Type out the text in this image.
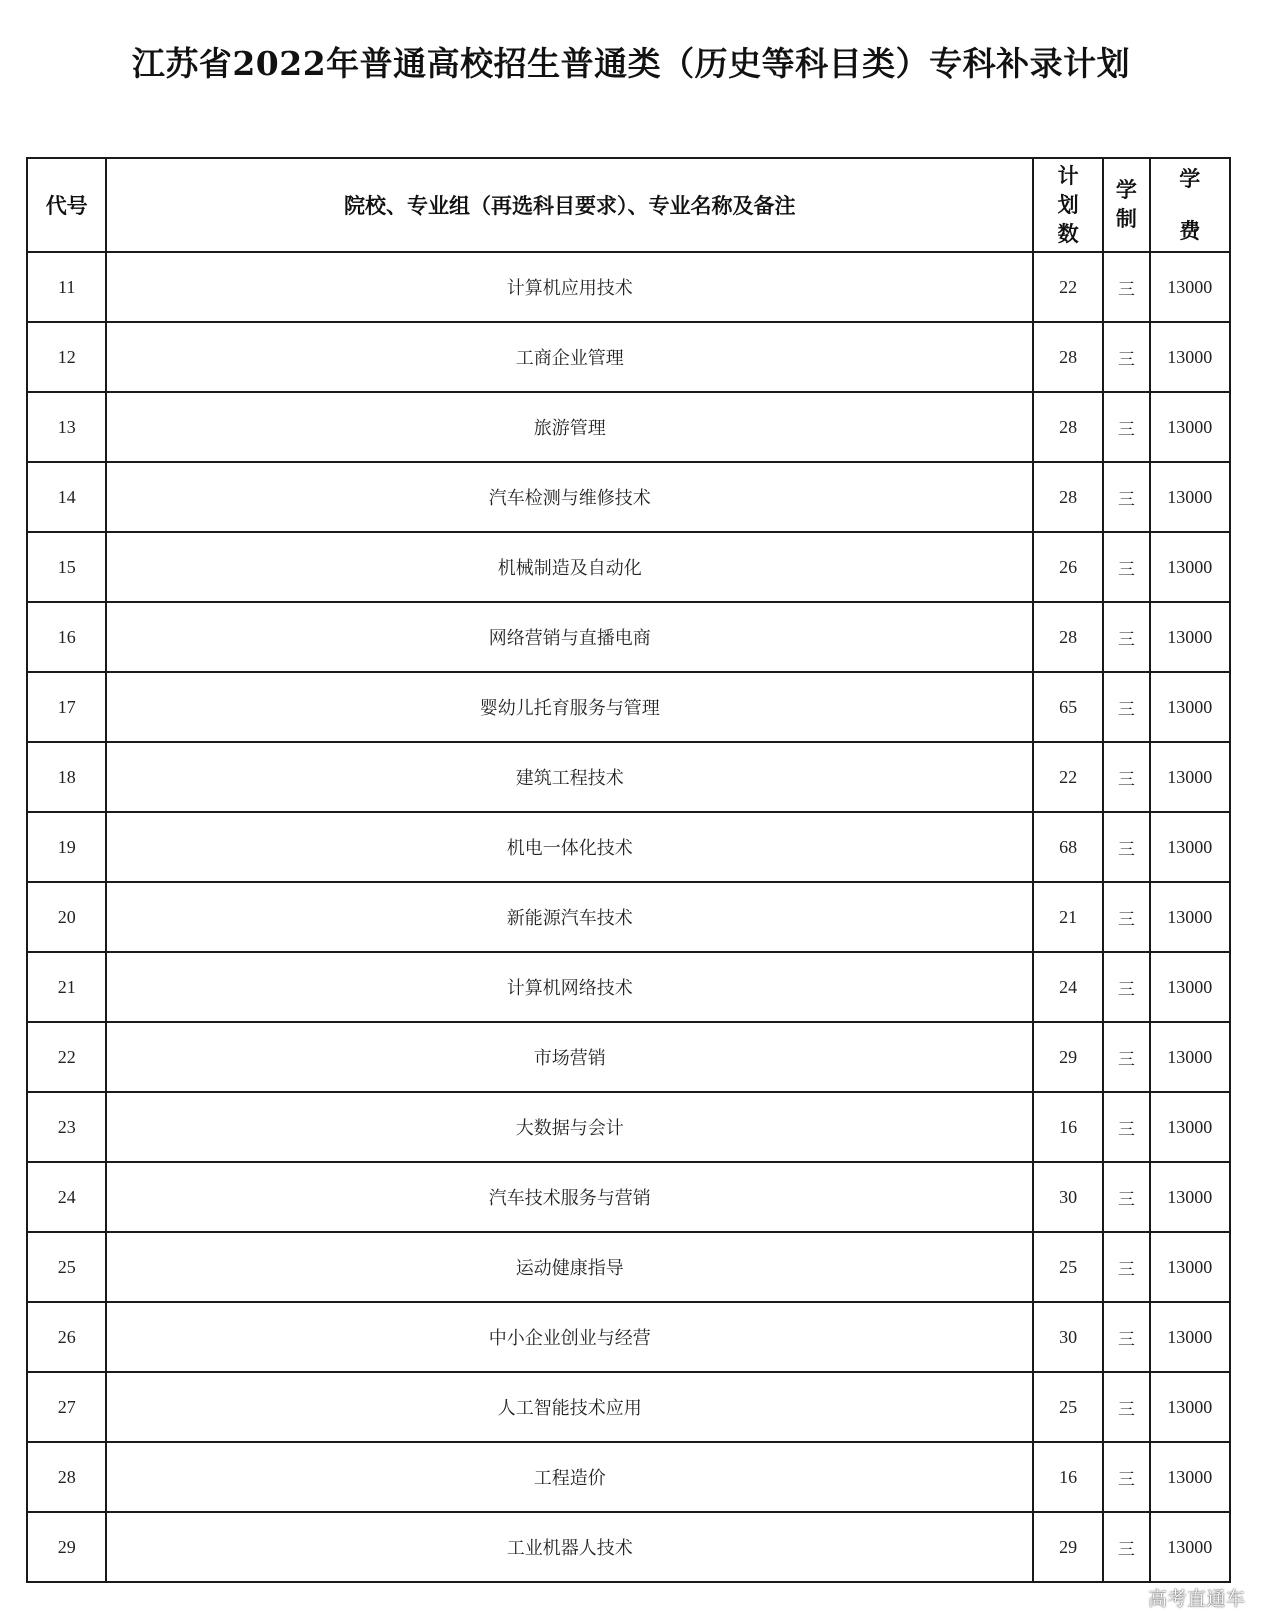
江苏省2022年普通高校招生普通类（历史等科目类）专科补录计划
代号	院校、专业组（再选科目要求）、专业名称及备注	计划数	学制	学
费

11	计算机应用技术	22	三	13000
12	工商企业管理	28	三	13000
13	旅游管理	28	三	13000
14	汽车检测与维修技术	28	三	13000
15	机械制造及自动化	26	三	13000
16	网络营销与直播电商	28	三	13000
17	婴幼儿托育服务与管理	65	三	13000
18	建筑工程技术	22	三	13000
19	机电一体化技术	68	三	13000
20	新能源汽车技术	21	三	13000
21	计算机网络技术	24	三	13000
22	市场营销	29	三	13000
23	大数据与会计	16	三	13000
24	汽车技术服务与营销	30	三	13000
25	运动健康指导	25	三	13000
26	中小企业创业与经营	30	三	13000
27	人工智能技术应用	25	三	13000
28	工程造价	16	三	13000
29	工业机器人技术	29	三	13000
高考直通车
